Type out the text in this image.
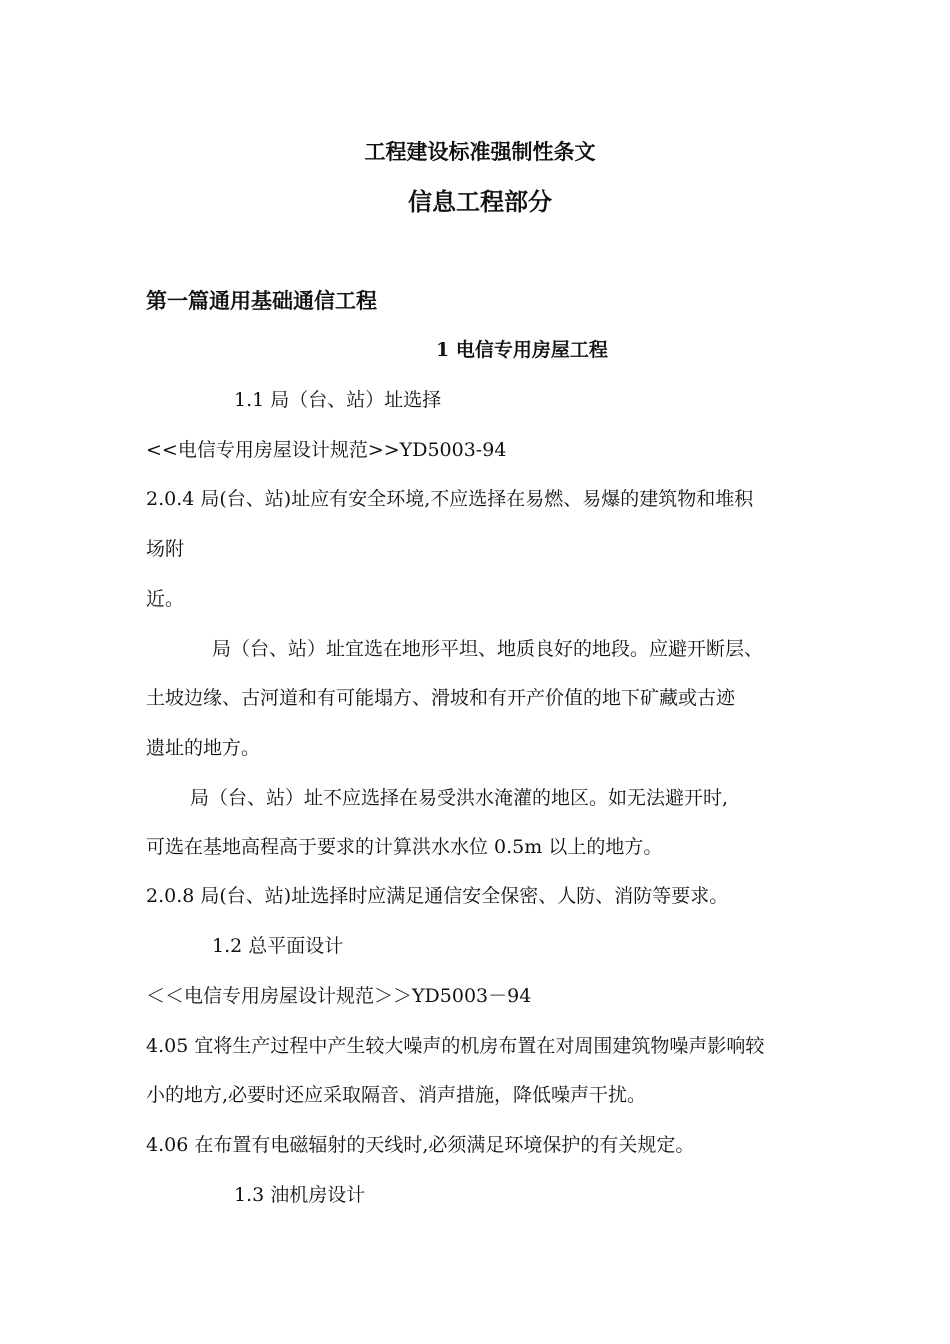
工程建设标准强制性条文
信息工程部分
第一篇通用基础通信工程
1 电信专用房屋工程
1.1 局（台、站）址选择
<<电信专用房屋设计规范>>YD5003-94
2.0.4 局(台、站)址应有安全环境,不应选择在易燃、易爆的建筑物和堆积
场附
近。
局（台、站）址宜选在地形平坦、地质良好的地段。应避开断层、
土坡边缘、古河道和有可能塌方、滑坡和有开产价值的地下矿藏或古迹
遗址的地方。
局（台、站）址不应选择在易受洪水淹灌的地区。如无法避开时,
可选在基地高程高于要求的计算洪水水位 0.5m 以上的地方。
2.0.8 局(台、站)址选择时应满足通信安全保密、人防、消防等要求。
1.2 总平面设计
＜＜电信专用房屋设计规范＞＞YD5003－94
4.05 宜将生产过程中产生较大噪声的机房布置在对周围建筑物噪声影响较
小的地方,必要时还应采取隔音、消声措施，降低噪声干扰。
4.06 在布置有电磁辐射的天线时,必须满足环境保护的有关规定。
1.3 油机房设计
